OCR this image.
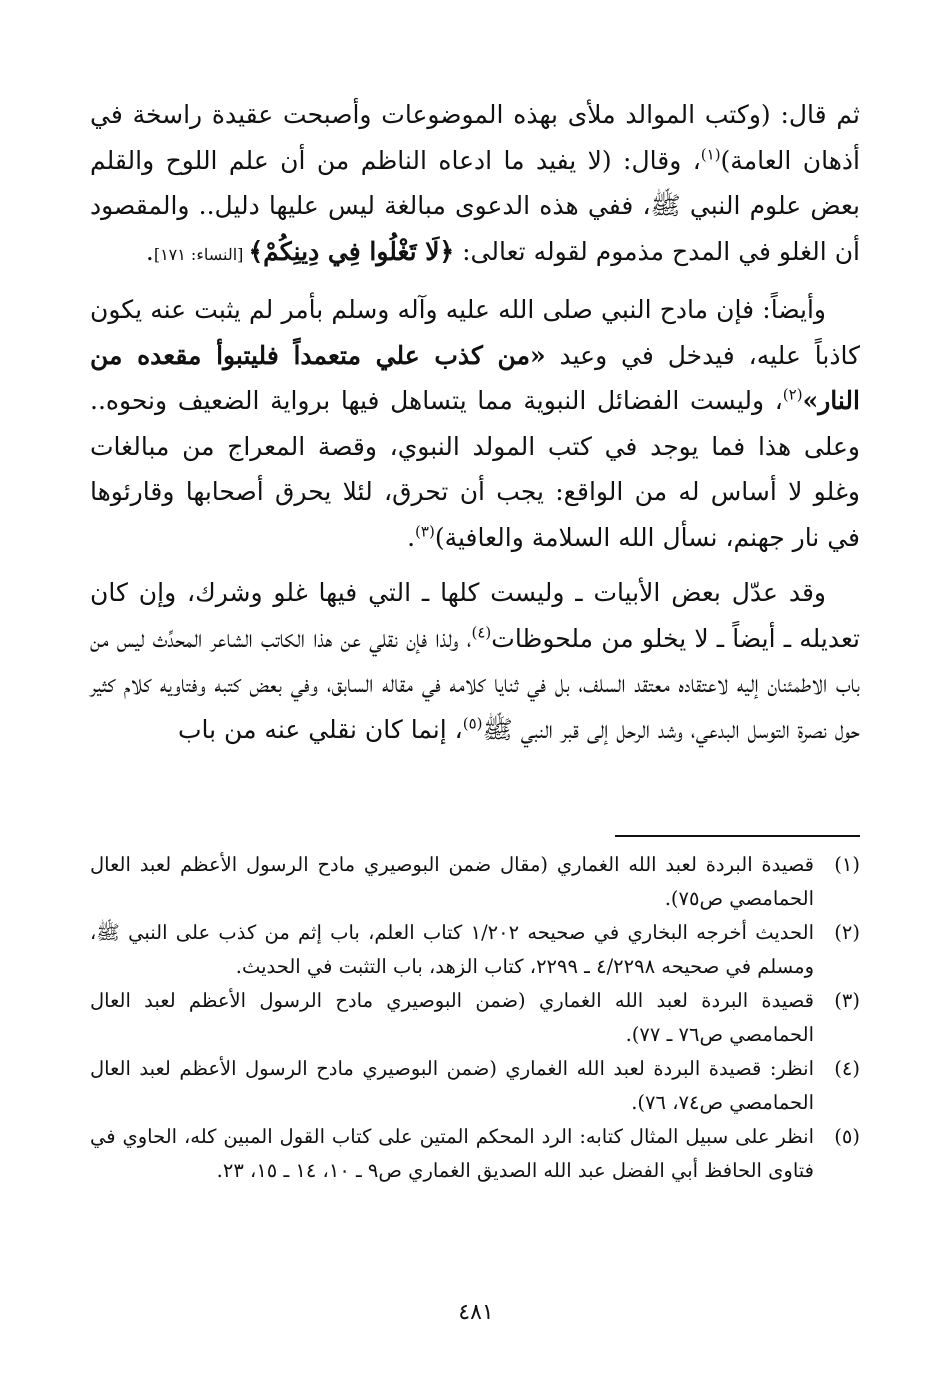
ثم قال: (وكتب الموالد ملأى بهذه الموضوعات وأصبحت عقيدة راسخة في أذهان العامة)$^{(١)}$، وقال: (لا يفيد ما ادعاه الناظم من أن علم اللوح والقلم بعض علوم النبي ﷺ، ففي هذه الدعوى مبالغة ليس عليها دليل.. والمقصود أن الغلو في المدح مذموم لقوله تعالى: ﴿لَا تَغْلُوا فِي دِينِكُمْ﴾ [النساء: ١٧١].

وأيضاً: فإن مادح النبي صلى الله عليه وآله وسلم بأمر لم يثبت عنه يكون كاذباً عليه، فيدخل في وعيد «من كذب علي متعمداً فليتبوأ مقعده من النار»$^{(٢)}$، وليست الفضائل النبوية مما يتساهل فيها برواية الضعيف ونحوه.. وعلى هذا فما يوجد في كتب المولد النبوي، وقصة المعراج من مبالغات وغلو لا أساس له من الواقع: يجب أن تحرق، لئلا يحرق أصحابها وقارئوها في نار جهنم، نسأل الله السلامة والعافية)$^{(٣)}$.

وقد عدّل بعض الأبيات ـ وليست كلها ـ التي فيها غلو وشرك، وإن كان تعديله ـ أيضاً ـ لا يخلو من ملحوظات$^{(٤)}$، ولذا فإن نقلي عن هذا الكاتب الشاعر المحدِّث ليس من باب الاطمئنان إليه لاعتقاده معتقد السلف، بل في ثنايا كلامه في مقاله السابق، وفي بعض كتبه وفتاويه كلام كثير حول نصرة التوسل البدعي، وشد الرحل إلى قبر النبي ﷺ$^{(٥)}$، إنما كان نقلي عنه من باب

(١)
قصيدة البردة لعبد الله الغماري (مقال ضمن البوصيري مادح الرسول الأعظم لعبد العال الحمامصي ص٧٥).
(٢)
الحديث أخرجه البخاري في صحيحه ١/٢٠٢ كتاب العلم، باب إثم من كذب على النبي ﷺ، ومسلم في صحيحه ٤/٢٢٩٨ ـ ٢٢٩٩، كتاب الزهد، باب التثبت في الحديث.
(٣)
قصيدة البردة لعبد الله الغماري (ضمن البوصيري مادح الرسول الأعظم لعبد العال الحمامصي ص٧٦ ـ ٧٧).
(٤)
انظر: قصيدة البردة لعبد الله الغماري (ضمن البوصيري مادح الرسول الأعظم لعبد العال الحمامصي ص٧٤، ٧٦).
(٥)
انظر على سبيل المثال كتابه: الرد المحكم المتين على كتاب القول المبين كله، الحاوي في فتاوى الحافظ أبي الفضل عبد الله الصديق الغماري ص٩ ـ ١٠، ١٤ ـ ١٥، ٢٣.
٤٨١
